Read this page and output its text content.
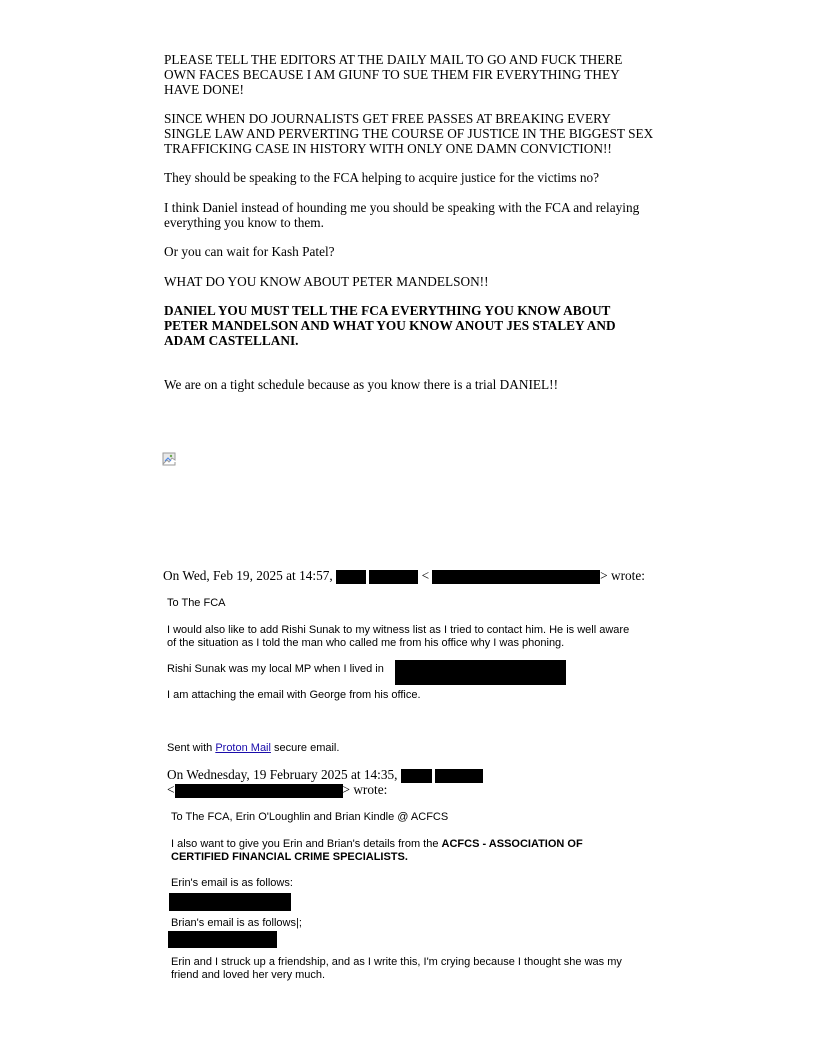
PLEASE TELL THE EDITORS AT THE DAILY MAIL TO GO AND FUCK THERE OWN FACES BECAUSE I AM GIUNF TO SUE THEM FIR EVERYTHING THEY HAVE DONE!

SINCE WHEN DO JOURNALISTS GET FREE PASSES AT BREAKING EVERY SINGLE LAW AND PERVERTING THE COURSE OF JUSTICE IN THE BIGGEST SEX TRAFFICKING CASE IN HISTORY WITH ONLY ONE DAMN CONVICTION!!

They should be speaking to the FCA helping to acquire justice for the victims no?

I think Daniel instead of hounding me you should be speaking with the FCA and relaying everything you know to them.

Or you can wait for Kash Patel?

WHAT DO YOU KNOW ABOUT PETER MANDELSON!!

DANIEL YOU MUST TELL THE FCA EVERYTHING YOU KNOW ABOUT PETER MANDELSON AND WHAT YOU KNOW ANOUT JES STALEY AND ADAM CASTELLANI.

We are on a tight schedule because as you know there is a trial DANIEL!!

On Wed, Feb 19, 2025 at 14:57,	<	> wrote:

To The FCA

I would also like to add Rishi Sunak to my witness list as I tried to contact him. He is well aware of the situation as I told the man who called me from his office why I was phoning.

Rishi Sunak was my local MP when I lived in

I am attaching the email with George from his office.

Sent with Proton Mail secure email.

On Wednesday, 19 February 2025 at 14:35,
<	> wrote:

To The FCA, Erin O'Loughlin and Brian Kindle @ ACFCS

I also want to give you Erin and Brian's details from the ACFCS - ASSOCIATION OF CERTIFIED FINANCIAL CRIME SPECIALISTS.

Erin's email is as follows:

Brian's email is as follows|;

Erin and I struck up a friendship, and as I write this, I'm crying because I thought she was my friend and loved her very much.
